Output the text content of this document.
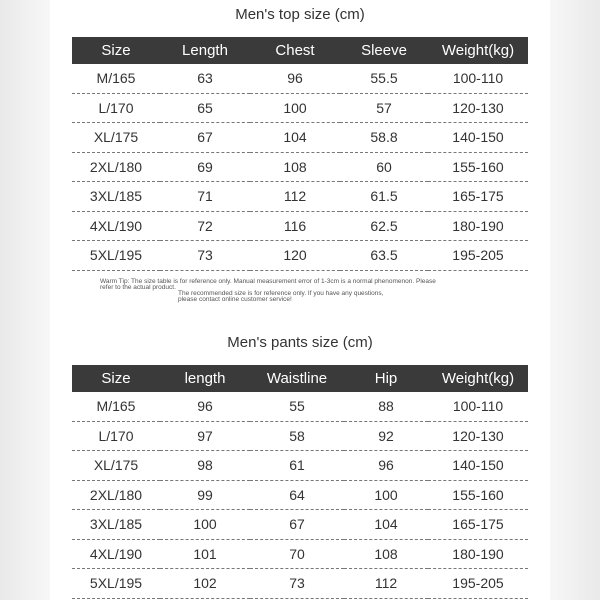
Men's top size (cm)
Size	Length	Chest	Sleeve	Weight(kg)
M/165	63	96	55.5	100-110
L/170	65	100	57	120-130
XL/175	67	104	58.8	140-150
2XL/180	69	108	60	155-160
3XL/185	71	112	61.5	165-175
4XL/190	72	116	62.5	180-190
5XL/195	73	120	63.5	195-205
Warm Tip: The size table is for reference only. Manual measurement error of 1-3cm is a normal phenomenon. Please
refer to the actual product.
The recommended size is for reference only. If you have any questions,
please contact online customer service!
Men's pants size (cm)
Size	length	Waistline	Hip	Weight(kg)
M/165	96	55	88	100-110
L/170	97	58	92	120-130
XL/175	98	61	96	140-150
2XL/180	99	64	100	155-160
3XL/185	100	67	104	165-175
4XL/190	101	70	108	180-190
5XL/195	102	73	112	195-205
